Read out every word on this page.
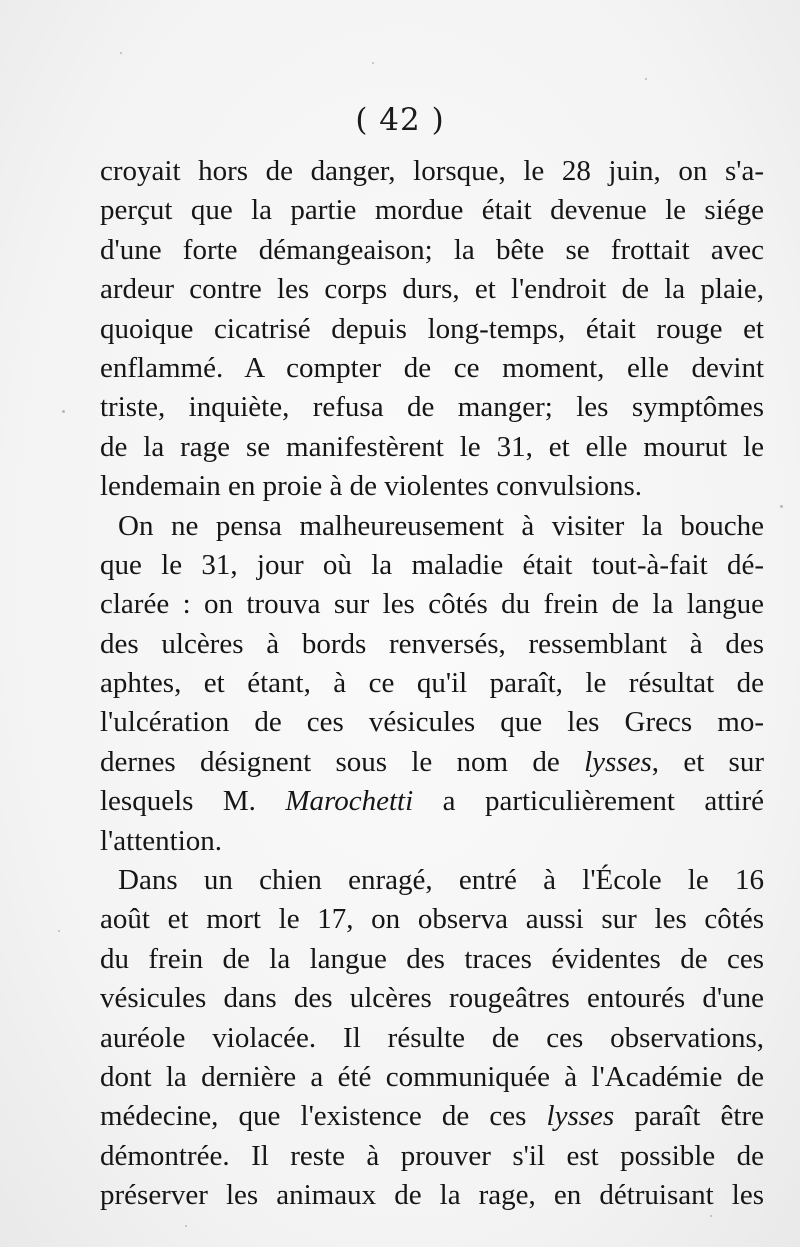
( 42 )
croyait hors de danger, lorsque, le 28 juin, on s'a-
perçut que la partie mordue était devenue le siége
d'une forte démangeaison; la bête se frottait avec
ardeur contre les corps durs, et l'endroit de la plaie,
quoique cicatrisé depuis long-temps, était rouge et
enflammé. A compter de ce moment, elle devint
triste, inquiète, refusa de manger; les symptômes
de la rage se manifestèrent le 31, et elle mourut le
lendemain en proie à de violentes convulsions.
On ne pensa malheureusement à visiter la bouche
que le 31, jour où la maladie était tout-à-fait dé-
clarée : on trouva sur les côtés du frein de la langue
des ulcères à bords renversés, ressemblant à des
aphtes, et étant, à ce qu'il paraît, le résultat de
l'ulcération de ces vésicules que les Grecs mo-
dernes désignent sous le nom de lysses, et sur
lesquels M. Marochetti a particulièrement attiré
l'attention.
Dans un chien enragé, entré à l'École le 16
août et mort le 17, on observa aussi sur les côtés
du frein de la langue des traces évidentes de ces
vésicules dans des ulcères rougeâtres entourés d'une
auréole violacée. Il résulte de ces observations,
dont la dernière a été communiquée à l'Académie de
médecine, que l'existence de ces lysses paraît être
démontrée. Il reste à prouver s'il est possible de
préserver les animaux de la rage, en détruisant les
